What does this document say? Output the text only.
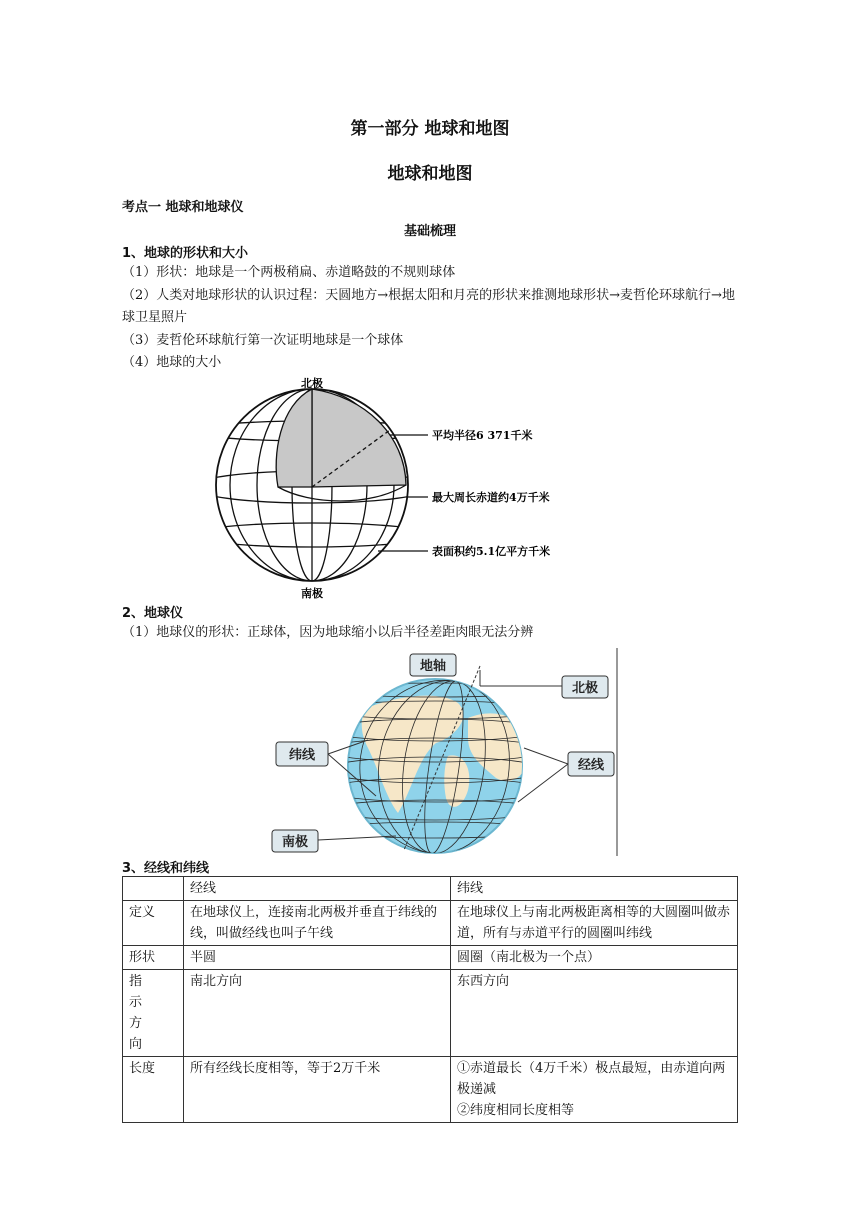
第一部分 地球和地图
地球和地图
考点一 地球和地球仪
基础梳理
1、地球的形状和大小
（1）形状：地球是一个两极稍扁、赤道略鼓的不规则球体
（2）人类对地球形状的认识过程：天圆地方→根据太阳和月亮的形状来推测地球形状→麦哲伦环球航行→地球卫星照片
（3）麦哲伦环球航行第一次证明地球是一个球体
（4）地球的大小
北极
南极
平均半径6 371千米
最大周长赤道约4万千米
表面积约5.1亿平方千米
2、地球仪
（1）地球仪的形状：正球体，因为地球缩小以后半径差距肉眼无法分辨
地轴
北极
纬线
经线
南极
3、经线和纬线
	经线	纬线
定义	在地球仪上，连接南北两极并垂直于纬线的线，叫做经线也叫子午线	在地球仪上与南北两极距离相等的大圆圈叫做赤道，所有与赤道平行的圆圈叫纬线
形状	半圆	圆圈（南北极为一个点）
指示方向	南北方向	东西方向
长度	所有经线长度相等，等于2万千米	①赤道最长（4万千米）极点最短，由赤道向两极递减
②纬度相同长度相等
